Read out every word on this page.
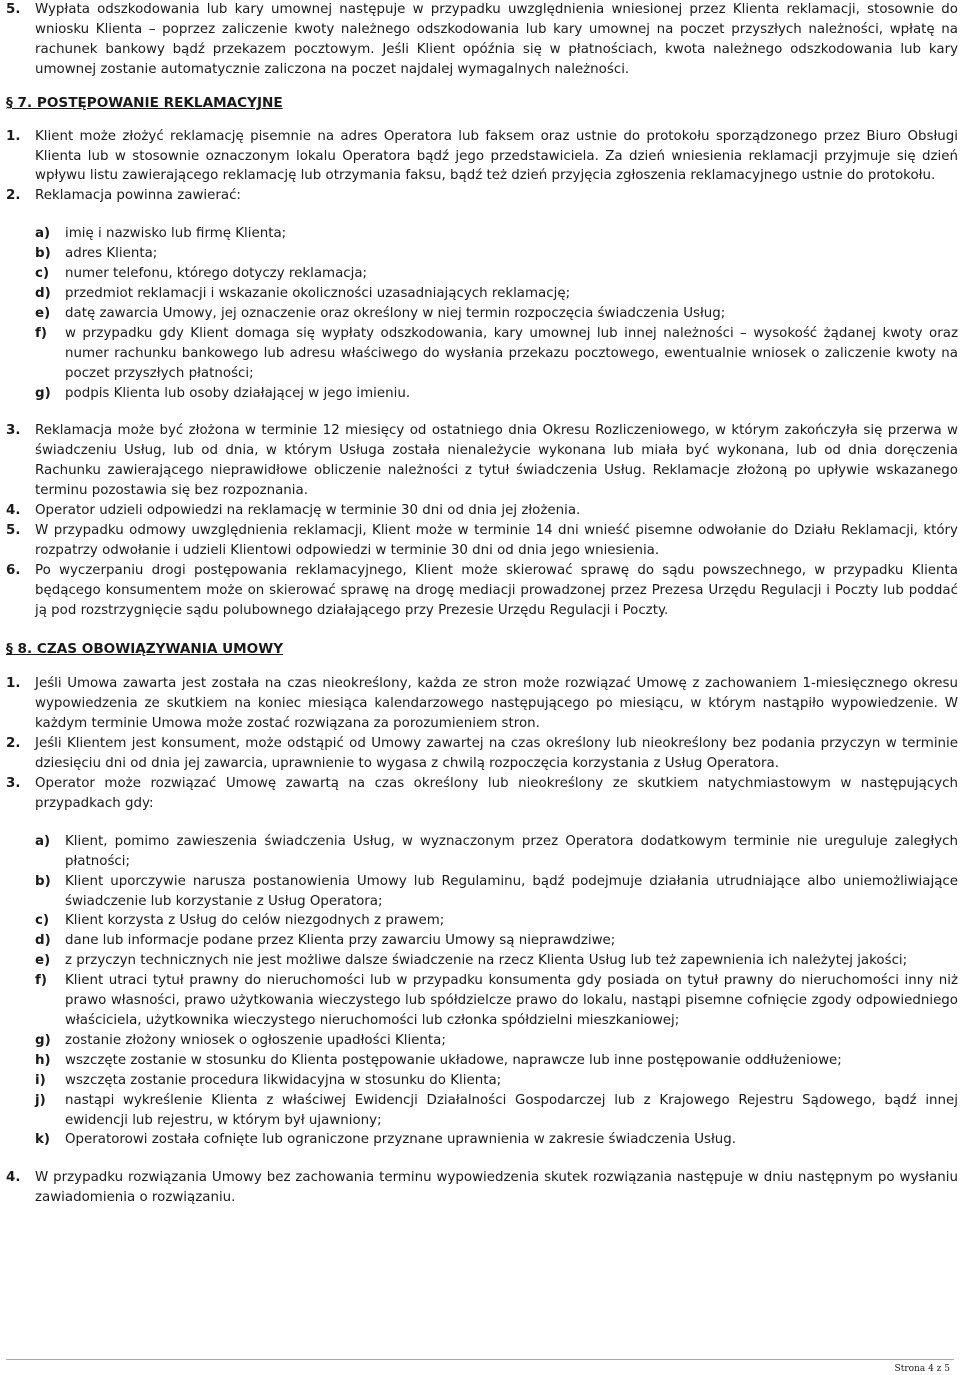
5. Wypłata odszkodowania lub kary umownej następuje w przypadku uwzględnienia wniesionej przez Klienta reklamacji, stosownie do wniosku Klienta – poprzez zaliczenie kwoty należnego odszkodowania lub kary umownej na poczet przyszłych należności, wpłatę na rachunek bankowy bądź przekazem pocztowym. Jeśli Klient opóźnia się w płatnościach, kwota należnego odszkodowania lub kary umownej zostanie automatycznie zaliczona na poczet najdalej wymagalnych należności.
§ 7. POSTĘPOWANIE REKLAMACYJNE
1. Klient może złożyć reklamację pisemnie na adres Operatora lub faksem oraz ustnie do protokołu sporządzonego przez Biuro Obsługi Klienta lub w stosownie oznaczonym lokalu Operatora bądź jego przedstawiciela. Za dzień wniesienia reklamacji przyjmuje się dzień wpływu listu zawierającego reklamację lub otrzymania faksu, bądź też dzień przyjęcia zgłoszenia reklamacyjnego ustnie do protokołu.
2. Reklamacja powinna zawierać:
a) imię i nazwisko lub firmę Klienta;
b) adres Klienta;
c) numer telefonu, którego dotyczy reklamacja;
d) przedmiot reklamacji i wskazanie okoliczności uzasadniających reklamację;
e) datę zawarcia Umowy, jej oznaczenie oraz określony w niej termin rozpoczęcia świadczenia Usług;
f) w przypadku gdy Klient domaga się wypłaty odszkodowania, kary umownej lub innej należności – wysokość żądanej kwoty oraz numer rachunku bankowego lub adresu właściwego do wysłania przekazu pocztowego, ewentualnie wniosek o zaliczenie kwoty na poczet przyszłych płatności;
g) podpis Klienta lub osoby działającej w jego imieniu.
3. Reklamacja może być złożona w terminie 12 miesięcy od ostatniego dnia Okresu Rozliczeniowego, w którym zakończyła się przerwa w świadczeniu Usług, lub od dnia, w którym Usługa została nienależycie wykonana lub miała być wykonana, lub od dnia doręczenia Rachunku zawierającego nieprawidłowe obliczenie należności z tytuł świadczenia Usług. Reklamacje złożoną po upływie wskazanego terminu pozostawia się bez rozpoznania.
4. Operator udzieli odpowiedzi na reklamację w terminie 30 dni od dnia jej złożenia.
5. W przypadku odmowy uwzględnienia reklamacji, Klient może w terminie 14 dni wnieść pisemne odwołanie do Działu Reklamacji, który rozpatrzy odwołanie i udzieli Klientowi odpowiedzi w terminie 30 dni od dnia jego wniesienia.
6. Po wyczerpaniu drogi postępowania reklamacyjnego, Klient może skierować sprawę do sądu powszechnego, w przypadku Klienta będącego konsumentem może on skierować sprawę na drogę mediacji prowadzonej przez Prezesa Urzędu Regulacji i Poczty lub poddać ją pod rozstrzygnięcie sądu polubownego działającego przy Prezesie Urzędu Regulacji i Poczty.
§ 8. CZAS OBOWIĄZYWANIA UMOWY
1. Jeśli Umowa zawarta jest została na czas nieokreślony, każda ze stron może rozwiązać Umowę z zachowaniem 1-miesięcznego okresu wypowiedzenia ze skutkiem na koniec miesiąca kalendarzowego następującego po miesiącu, w którym nastąpiło wypowiedzenie. W każdym terminie Umowa może zostać rozwiązana za porozumieniem stron.
2. Jeśli Klientem jest konsument, może odstąpić od Umowy zawartej na czas określony lub nieokreślony bez podania przyczyn w terminie dziesięciu dni od dnia jej zawarcia, uprawnienie to wygasa z chwilą rozpoczęcia korzystania z Usług Operatora.
3. Operator może rozwiązać Umowę zawartą na czas określony lub nieokreślony ze skutkiem natychmiastowym w następujących przypadkach gdy:
a) Klient, pomimo zawieszenia świadczenia Usług, w wyznaczonym przez Operatora dodatkowym terminie nie ureguluje zaległych płatności;
b) Klient uporczywie narusza postanowienia Umowy lub Regulaminu, bądź podejmuje działania utrudniające albo uniemożliwiające świadczenie lub korzystanie z Usług Operatora;
c) Klient korzysta z Usług do celów niezgodnych z prawem;
d) dane lub informacje podane przez Klienta przy zawarciu Umowy są nieprawdziwe;
e) z przyczyn technicznych nie jest możliwe dalsze świadczenie na rzecz Klienta Usług lub też zapewnienia ich należytej jakości;
f) Klient utraci tytuł prawny do nieruchomości lub w przypadku konsumenta gdy posiada on tytuł prawny do nieruchomości inny niż prawo własności, prawo użytkowania wieczystego lub spółdzielcze prawo do lokalu, nastąpi pisemne cofnięcie zgody odpowiedniego właściciela, użytkownika wieczystego nieruchomości lub członka spółdzielni mieszkaniowej;
g) zostanie złożony wniosek o ogłoszenie upadłości Klienta;
h) wszczęte zostanie w stosunku do Klienta postępowanie układowe, naprawcze lub inne postępowanie oddłużeniowe;
i) wszczęta zostanie procedura likwidacyjna w stosunku do Klienta;
j) nastąpi wykreślenie Klienta z właściwej Ewidencji Działalności Gospodarczej lub z Krajowego Rejestru Sądowego, bądź innej ewidencji lub rejestru, w którym był ujawniony;
k) Operatorowi została cofnięte lub ograniczone przyznane uprawnienia w zakresie świadczenia Usług.
4. W przypadku rozwiązania Umowy bez zachowania terminu wypowiedzenia skutek rozwiązania następuje w dniu następnym po wysłaniu zawiadomienia o rozwiązaniu.
Strona 4 z 5
